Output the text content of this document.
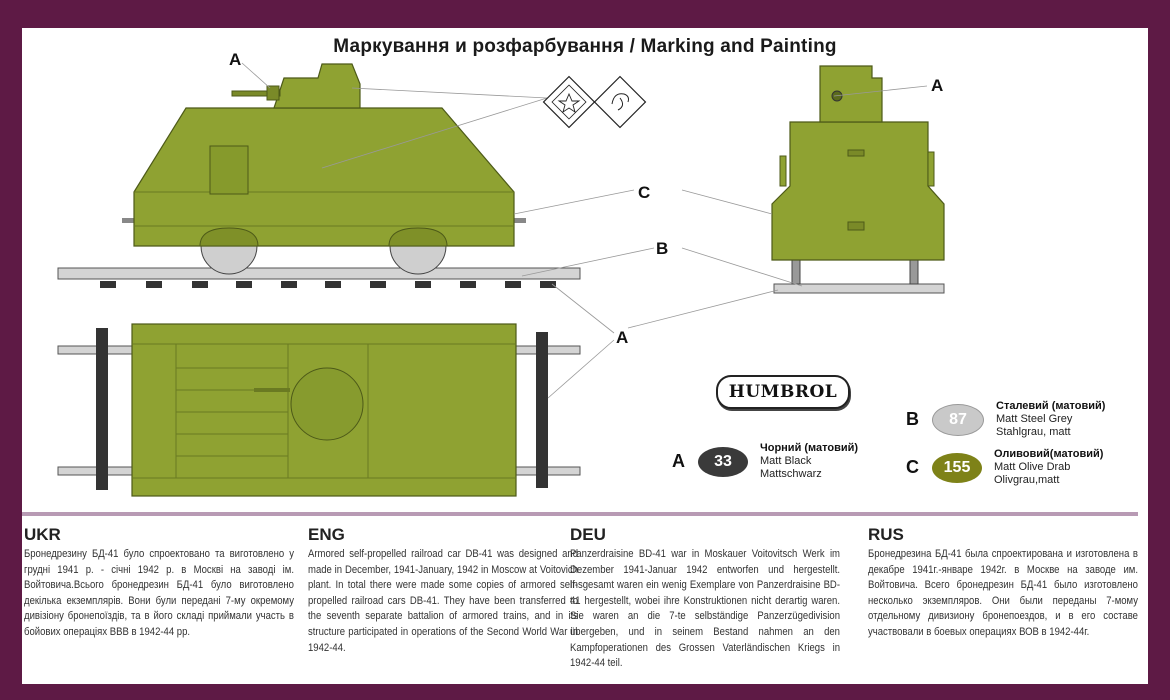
Маркування и розфарбування / Marking and Painting
A
A
C
B
A
HUMBROL
A	33
Чорний (матовий)
Matt Black
Mattschwarz
B	87
Сталевий (матовий)
Matt Steel Grey
Stahlgrau, matt
C	155
Оливовий(матовий)
Matt Olive Drab
Olivgrau,matt
UKR
Бронедрезину БД-41 було спроектовано та виготовлено у грудні 1941 р. - січні 1942 р. в Москві на заводі ім. Войтовича.Всього бронедрезин БД-41 було виготовлено декілька екземплярів. Вони були передані 7-му окремому дивізіону бронепоїздів, та в його складі приймали участь в бойових операціях ВВВ в 1942-44 рр.
ENG
Armored self-propelled railroad car DB-41 was designed and made in December, 1941-January, 1942 in Moscow at Voitovich plant. In total there were made some copies of armored self-propelled railroad cars DB-41. They have been transferred to the seventh separate battalion of armored trains, and in its structure participated in operations of the Second World War in 1942-44.
DEU
Panzerdraisine BD-41 war in Moskauer Voitovitsch Werk im Dezember 1941-Januar 1942 entworfen und hergestellt. Insgesamt waren ein wenig Exemplare von Panzerdraisine BD-41 hergestellt, wobei ihre Konstruktionen nicht derartig waren. Sie waren an die 7-te selbständige Panzerzügedivision übergeben, und in seinem Bestand nahmen an den Kampfoperationen des Grossen Vaterländischen Kriegs in 1942-44 teil.
RUS
Бронедрезина БД-41 была спроектирована и изготовлена в декабре 1941г.-январе 1942г. в Москве на заводе им. Войтовича. Всего бронедрезин БД-41 было изготовлено несколько экземпляров. Они были переданы 7-мому отдельному дивизиону бронепоездов, и в его составе участвовали в боевых операциях ВОВ в 1942-44г.
